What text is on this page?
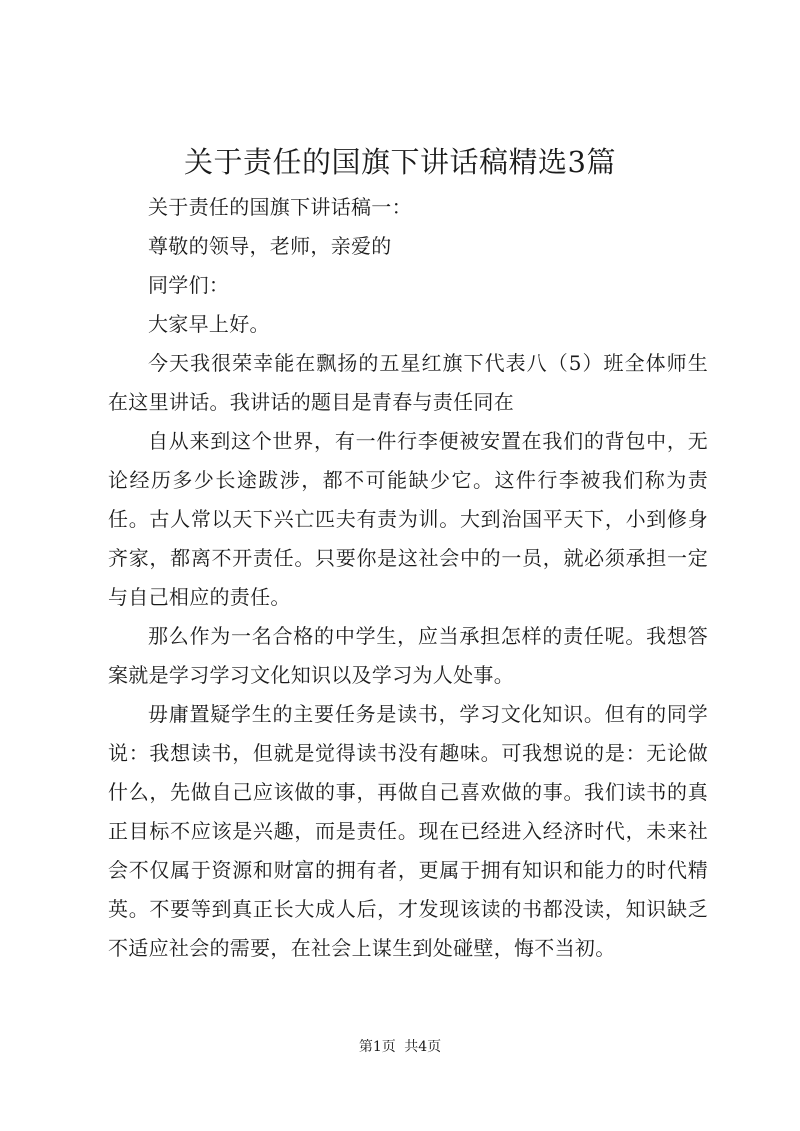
关于责任的国旗下讲话稿精选3篇

关于责任的国旗下讲话稿一：

尊敬的领导，老师，亲爱的

同学们：

大家早上好。

今天我很荣幸能在飘扬的五星红旗下代表八（5）班全体师生在这里讲话。我讲话的题目是青春与责任同在

自从来到这个世界，有一件行李便被安置在我们的背包中，无论经历多少长途跋涉，都不可能缺少它。这件行李被我们称为责任。古人常以天下兴亡匹夫有责为训。大到治国平天下，小到修身齐家，都离不开责任。只要你是这社会中的一员，就必须承担一定与自己相应的责任。

那么作为一名合格的中学生，应当承担怎样的责任呢。我想答案就是学习学习文化知识以及学习为人处事。

毋庸置疑学生的主要任务是读书，学习文化知识。但有的同学说：我想读书，但就是觉得读书没有趣味。可我想说的是：无论做什么，先做自己应该做的事，再做自己喜欢做的事。我们读书的真正目标不应该是兴趣，而是责任。现在已经进入经济时代，未来社会不仅属于资源和财富的拥有者，更属于拥有知识和能力的时代精英。不要等到真正长大成人后，才发现该读的书都没读，知识缺乏不适应社会的需要，在社会上谋生到处碰壁，悔不当初。

第1页 共4页
